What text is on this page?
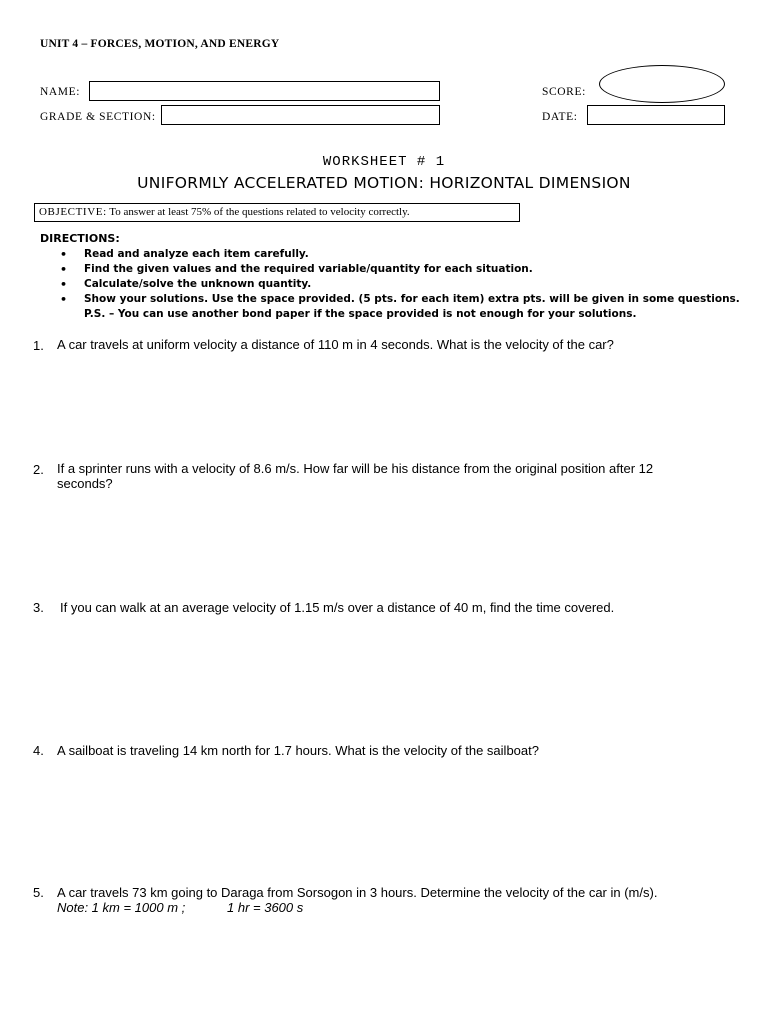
UNIT 4 – FORCES, MOTION, AND ENERGY
NAME:
GRADE & SECTION:
SCORE:
DATE:
WORKSHEET # 1
UNIFORMLY ACCELERATED MOTION: HORIZONTAL DIMENSION
OBJECTIVE: To answer at least 75% of the questions related to velocity correctly.
DIRECTIONS:
• Read and analyze each item carefully.
• Find the given values and the required variable/quantity for each situation.
• Calculate/solve the unknown quantity.
• Show your solutions. Use the space provided. (5 pts. for each item) extra pts. will be given in some questions.
P.S. – You can use another bond paper if the space provided is not enough for your solutions.
1. A car travels at uniform velocity a distance of 110 m in 4 seconds. What is the velocity of the car?
2. If a sprinter runs with a velocity of 8.6 m/s. How far will be his distance from the original position after 12
seconds?
3. If you can walk at an average velocity of 1.15 m/s over a distance of 40 m, find the time covered.
4. A sailboat is traveling 14 km north for 1.7 hours. What is the velocity of the sailboat?
5. A car travels 73 km going to Daraga from Sorsogon in 3 hours. Determine the velocity of the car in (m/s).
Note: 1 km = 1000 m ;	1 hr = 3600 s
